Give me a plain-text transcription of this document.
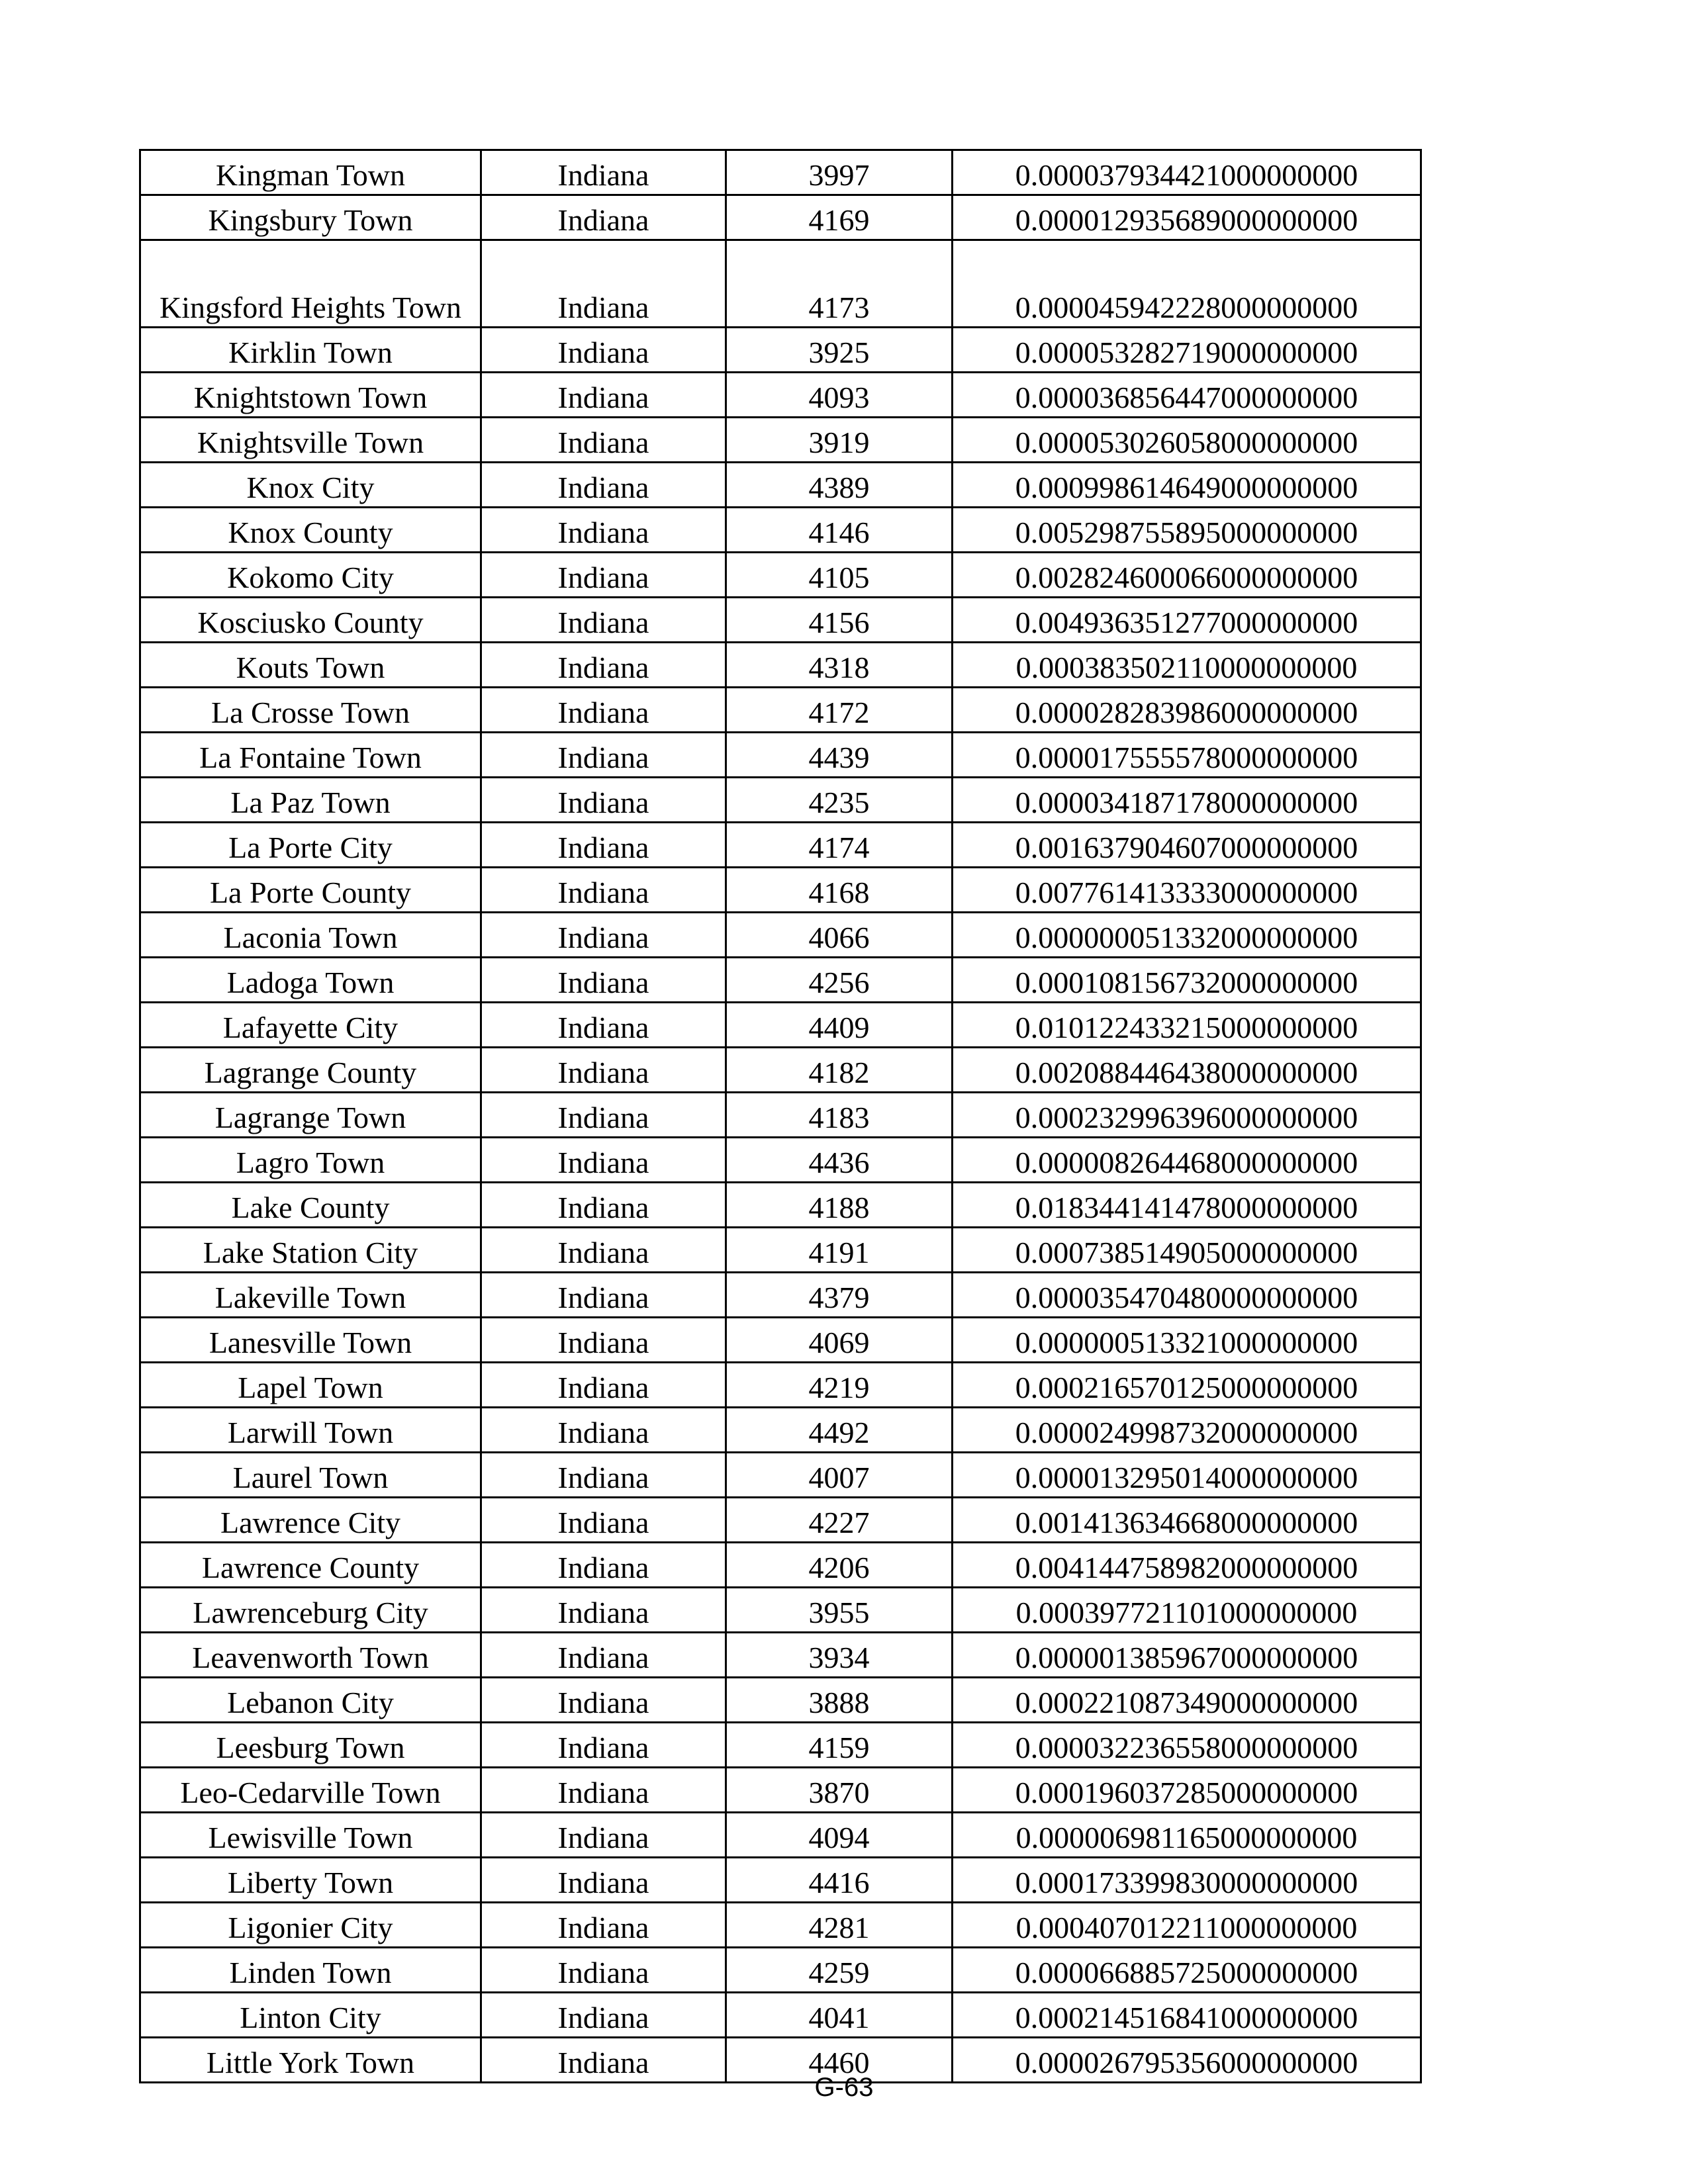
Kingman Town	Indiana	3997	0.000037934421000000000
Kingsbury Town	Indiana	4169	0.000012935689000000000
Kingsford Heights Town	Indiana	4173	0.000045942228000000000
Kirklin Town	Indiana	3925	0.000053282719000000000
Knightstown Town	Indiana	4093	0.000036856447000000000
Knightsville Town	Indiana	3919	0.000053026058000000000
Knox City	Indiana	4389	0.000998614649000000000
Knox County	Indiana	4146	0.005298755895000000000
Kokomo City	Indiana	4105	0.002824600066000000000
Kosciusko County	Indiana	4156	0.004936351277000000000
Kouts Town	Indiana	4318	0.000383502110000000000
La Crosse Town	Indiana	4172	0.000028283986000000000
La Fontaine Town	Indiana	4439	0.000017555578000000000
La Paz Town	Indiana	4235	0.000034187178000000000
La Porte City	Indiana	4174	0.001637904607000000000
La Porte County	Indiana	4168	0.007761413333000000000
Laconia Town	Indiana	4066	0.000000051332000000000
Ladoga Town	Indiana	4256	0.000108156732000000000
Lafayette City	Indiana	4409	0.010122433215000000000
Lagrange County	Indiana	4182	0.002088446438000000000
Lagrange Town	Indiana	4183	0.000232996396000000000
Lagro Town	Indiana	4436	0.000008264468000000000
Lake County	Indiana	4188	0.018344141478000000000
Lake Station City	Indiana	4191	0.000738514905000000000
Lakeville Town	Indiana	4379	0.000035470480000000000
Lanesville Town	Indiana	4069	0.000000513321000000000
Lapel Town	Indiana	4219	0.000216570125000000000
Larwill Town	Indiana	4492	0.000024998732000000000
Laurel Town	Indiana	4007	0.000013295014000000000
Lawrence City	Indiana	4227	0.001413634668000000000
Lawrence County	Indiana	4206	0.004144758982000000000
Lawrenceburg City	Indiana	3955	0.000397721101000000000
Leavenworth Town	Indiana	3934	0.000001385967000000000
Lebanon City	Indiana	3888	0.000221087349000000000
Leesburg Town	Indiana	4159	0.000032236558000000000
Leo-Cedarville Town	Indiana	3870	0.000196037285000000000
Lewisville Town	Indiana	4094	0.000006981165000000000
Liberty Town	Indiana	4416	0.000173399830000000000
Ligonier City	Indiana	4281	0.000407012211000000000
Linden Town	Indiana	4259	0.000066885725000000000
Linton City	Indiana	4041	0.000214516841000000000
Little York Town	Indiana	4460	0.000026795356000000000
G-63
